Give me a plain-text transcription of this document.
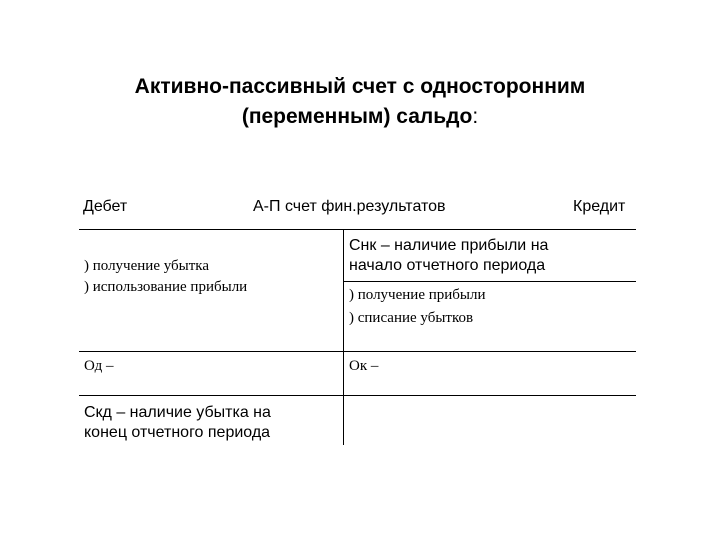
Активно-пассивный счет с односторонним
(переменным) сальдо:
Дебет	А-П счет фин.результатов	Кредит
) получение убытка
) использование прибыли
Од –
Скд – наличие убытка на
конец отчетного периода
Снк – наличие прибыли на
начало отчетного периода
) получение прибыли
) списание убытков
Ок –
